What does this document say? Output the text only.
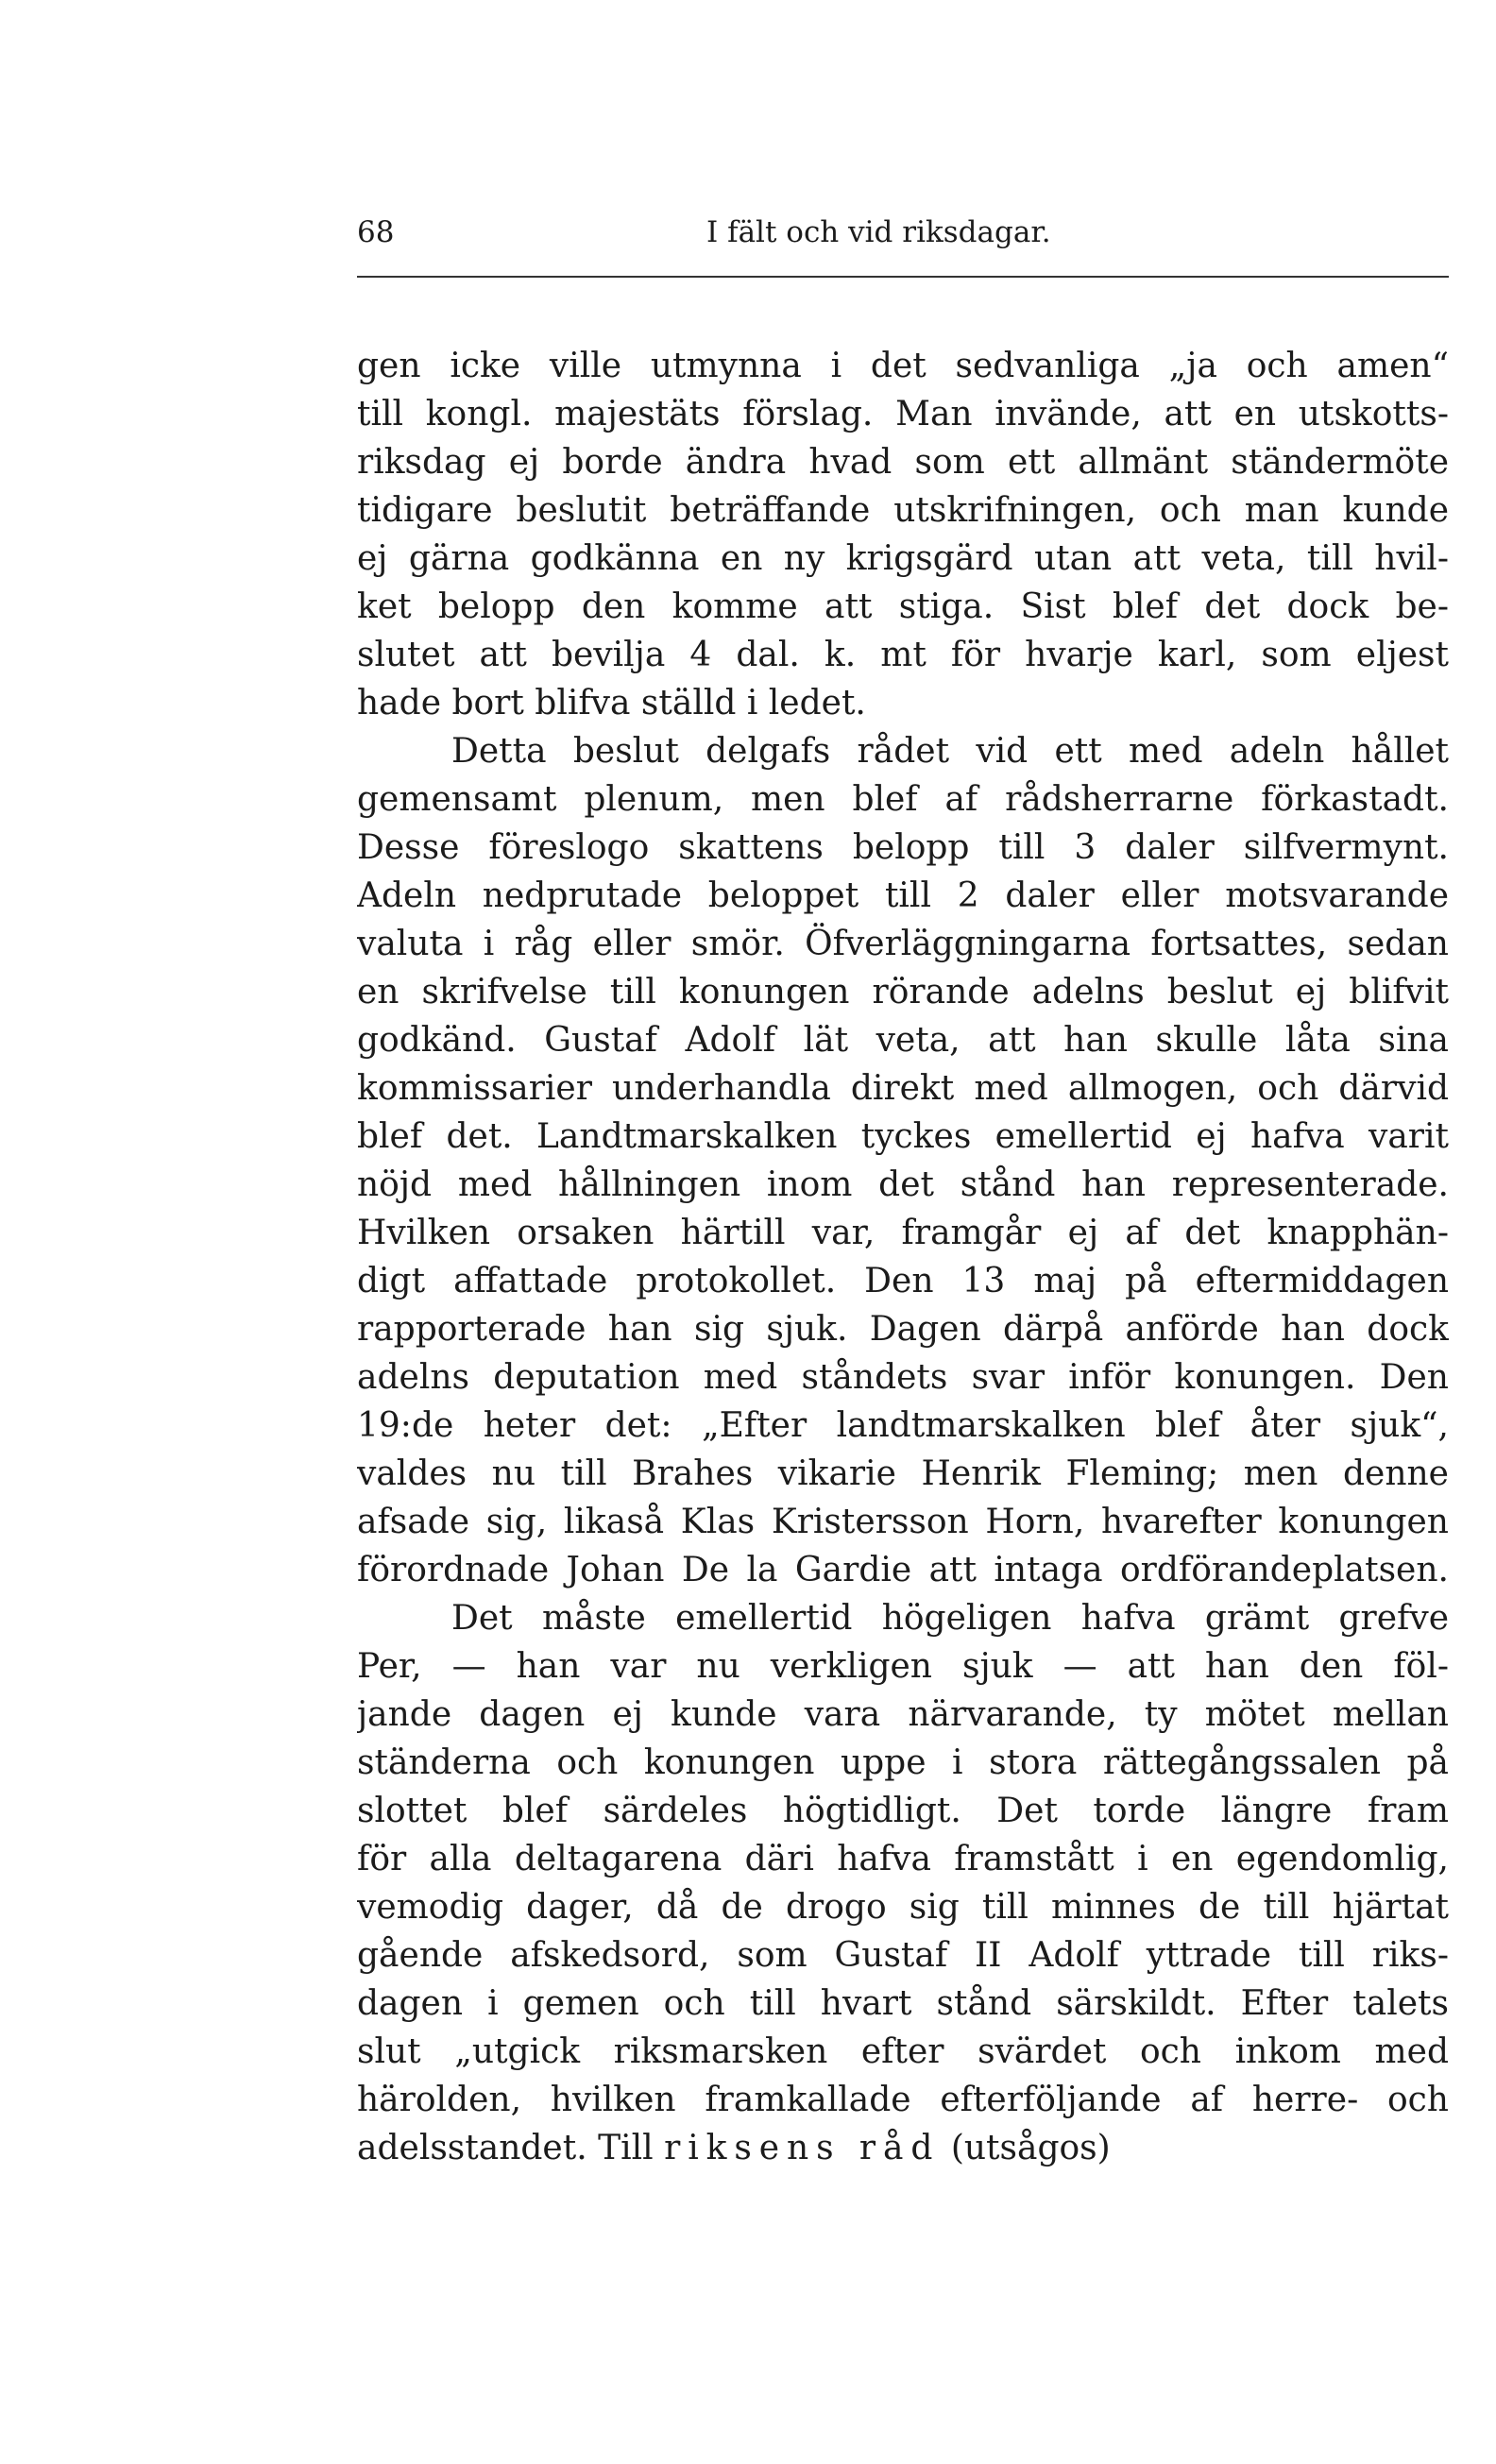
68	I fält och vid riksdagar.
gen icke ville utmynna i det sedvanliga „ja och amen“
till kongl. majestäts förslag. Man invände, att en utskotts-
riksdag ej borde ändra hvad som ett allmänt ständermöte
tidigare beslutit beträffande utskrifningen, och man kunde
ej gärna godkänna en ny krigsgärd utan att veta, till hvil-
ket belopp den komme att stiga. Sist blef det dock be-
slutet att bevilja 4 dal. k. mt för hvarje karl, som eljest
hade bort blifva ställd i ledet.
Detta beslut delgafs rådet vid ett med adeln hållet
gemensamt plenum, men blef af rådsherrarne förkastadt.
Desse föreslogo skattens belopp till 3 daler silfvermynt.
Adeln nedprutade beloppet till 2 daler eller motsvarande
valuta i råg eller smör. Öfverläggningarna fortsattes, sedan
en skrifvelse till konungen rörande adelns beslut ej blifvit
godkänd. Gustaf Adolf lät veta, att han skulle låta sina
kommissarier underhandla direkt med allmogen, och därvid
blef det. Landtmarskalken tyckes emellertid ej hafva varit
nöjd med hållningen inom det stånd han representerade.
Hvilken orsaken härtill var, framgår ej af det knapphän-
digt affattade protokollet. Den 13 maj på eftermiddagen
rapporterade han sig sjuk. Dagen därpå anförde han dock
adelns deputation med ståndets svar inför konungen. Den
19:de heter det: „Efter landtmarskalken blef åter sjuk“,
valdes nu till Brahes vikarie Henrik Fleming; men denne
afsade sig, likaså Klas Kristersson Horn, hvarefter konungen
förordnade Johan De la Gardie att intaga ordförandeplatsen.
Det måste emellertid högeligen hafva grämt grefve
Per, — han var nu verkligen sjuk — att han den föl-
jande dagen ej kunde vara närvarande, ty mötet mellan
ständerna och konungen uppe i stora rättegångssalen på
slottet blef särdeles högtidligt. Det torde längre fram
för alla deltagarena däri hafva framstått i en egendomlig,
vemodig dager, då de drogo sig till minnes de till hjärtat
gående afskedsord, som Gustaf II Adolf yttrade till riks-
dagen i gemen och till hvart stånd särskildt. Efter talets
slut „utgick riksmarsken efter svärdet och inkom med
härolden, hvilken framkallade efterföljande af herre- och
adelsstandet. Till riksens råd (utsågos)
